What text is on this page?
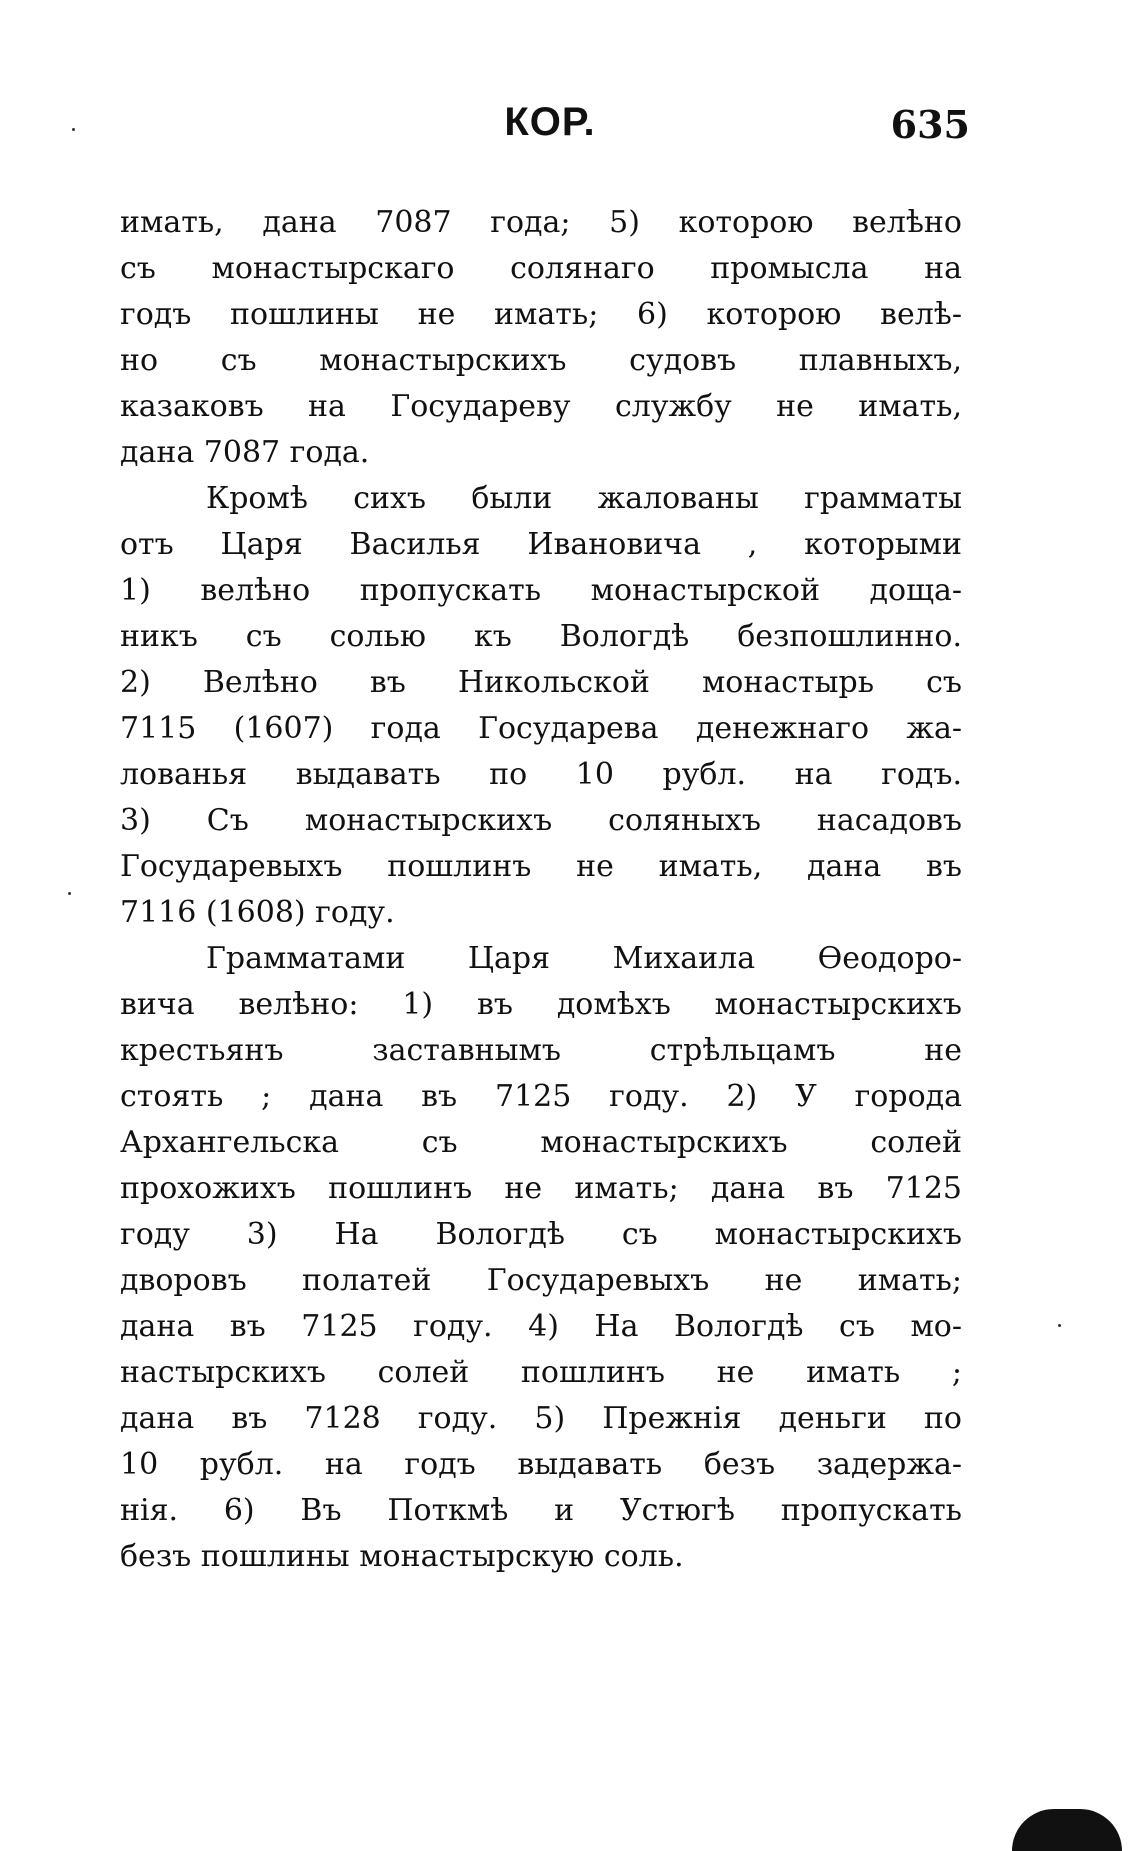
КОР.	635
имать, дана 7087 года; 5) которою велѣно
съ монастырскаго солянаго промысла на
годъ пошлины не имать; 6) которою велѣ-
но съ монастырскихъ судовъ плавныхъ,
казаковъ на Государеву службу не имать,
дана 7087 года.
Кромѣ сихъ были жалованы грамматы
отъ Царя Василья Ивановича , которыми
1) велѣно пропускать монастырской доща-
никъ съ солью къ Вологдѣ безпошлинно.
2) Велѣно въ Никольской монастырь съ
7115 (1607) года Государева денежнаго жа-
лованья выдавать по 10 рубл. на годъ.
3) Съ монастырскихъ соляныхъ насадовъ
Государевыхъ пошлинъ не имать, дана въ
7116 (1608) году.
Грамматами Царя Михаила Ѳеодоро-
вича велѣно: 1) въ домѣхъ монастырскихъ
крестьянъ заставнымъ стрѣльцамъ не
стоять ; дана въ 7125 году. 2) У города
Архангельска съ монастырскихъ солей
прохожихъ пошлинъ не имать; дана въ 7125
году 3) На Вологдѣ съ монастырскихъ
дворовъ полатей Государевыхъ не имать;
дана въ 7125 году. 4) На Вологдѣ съ мо-
настырскихъ солей пошлинъ не имать ;
дана въ 7128 году. 5) Прежнія деньги по
10 рубл. на годъ выдавать безъ задержа-
нія. 6) Въ Поткмѣ и Устюгѣ пропускать
безъ пошлины монастырскую соль.
